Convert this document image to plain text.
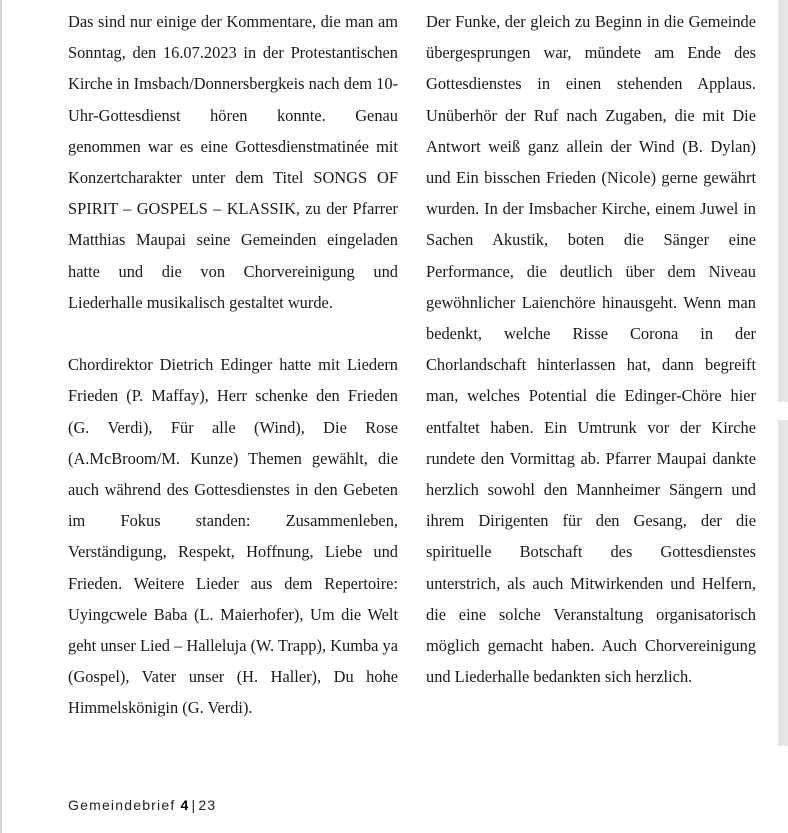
Das sind nur einige der Kommentare, die man am Sonntag, den 16.07.2023 in der Protestantischen Kirche in Imsbach/Donnersbergkeis nach dem 10-Uhr-Gottesdienst hören konnte. Genau genommen war es eine Gottesdienstmatinée mit Konzertcharakter unter dem Titel SONGS OF SPIRIT – GOSPELS – KLASSIK, zu der Pfarrer Matthias Maupai seine Gemeinden eingeladen hatte und die von Chorvereinigung und Liederhalle musikalisch gestaltet wurde.

Chordirektor Dietrich Edinger hatte mit Liedern Frieden (P. Maffay), Herr schenke den Frieden (G. Verdi), Für alle (Wind), Die Rose (A.McBroom/M. Kunze) Themen gewählt, die auch während des Gottesdienstes in den Gebeten im Fokus standen: Zusammenleben, Verständigung, Respekt, Hoffnung, Liebe und Frieden. Weitere Lieder aus dem Repertoire: Uyingcwele Baba (L. Maierhofer), Um die Welt geht unser Lied – Halleluja (W. Trapp), Kumba ya (Gospel), Vater unser (H. Haller), Du hohe Himmelskönigin (G. Verdi).

Der Funke, der gleich zu Beginn in die Gemeinde übergesprungen war, mündete am Ende des Gottesdienstes in einen stehenden Applaus. Unüberhör der Ruf nach Zugaben, die mit Die Antwort weiß ganz allein der Wind (B. Dylan) und Ein bisschen Frieden (Nicole) gerne gewährt wurden. In der Imsbacher Kirche, einem Juwel in Sachen Akustik, boten die Sänger eine Performance, die deutlich über dem Niveau gewöhnlicher Laienchöre hinausgeht. Wenn man bedenkt, welche Risse Corona in der Chorlandschaft hinterlassen hat, dann begreift man, welches Potential die Edinger-Chöre hier entfaltet haben. Ein Umtrunk vor der Kirche rundete den Vormittag ab. Pfarrer Maupai dankte herzlich sowohl den Mannheimer Sängern und ihrem Dirigenten für den Gesang, der die spirituelle Botschaft des Gottesdienstes unterstrich, als auch Mitwirkenden und Helfern, die eine solche Veranstaltung organisatorisch möglich gemacht haben. Auch Chorvereinigung und Liederhalle bedankten sich herzlich.

Gemeindebrief 4 | 23
